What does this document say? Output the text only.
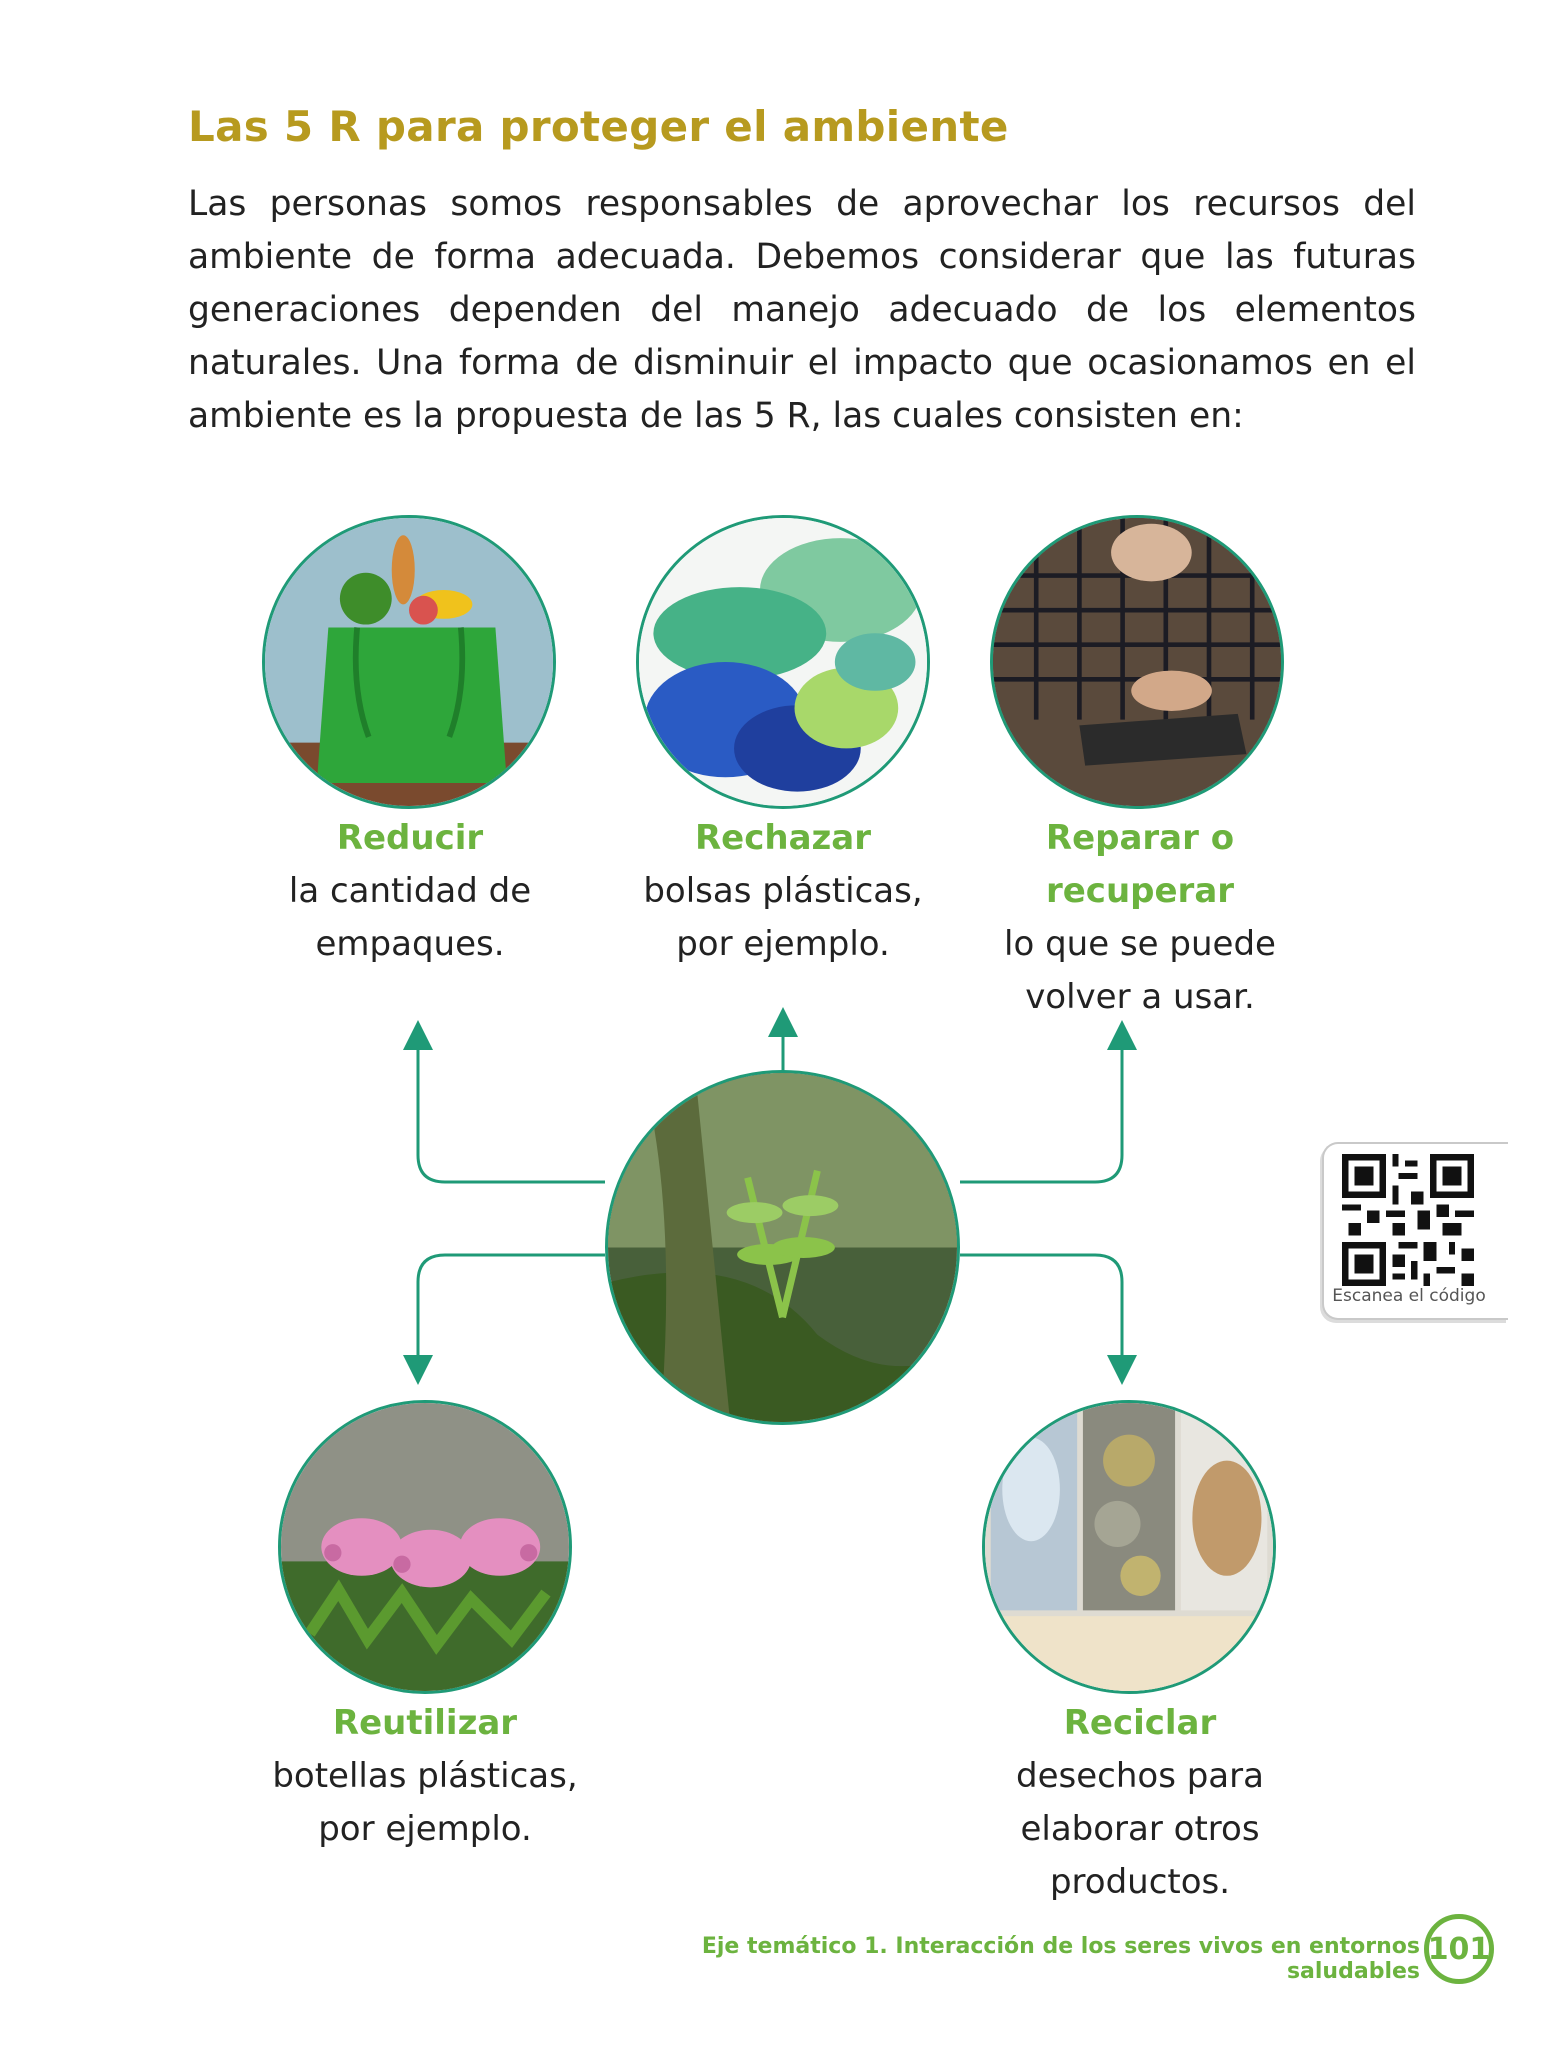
Las 5 R para proteger el ambiente

Las personas somos responsables de aprovechar los recursos del ambiente de forma adecuada. Debemos considerar que las futuras generaciones dependen del manejo adecuado de los elementos naturales. Una forma de disminuir el impacto que ocasionamos en el ambiente es la propuesta de las 5 R, las cuales consisten en:

Reducir
la cantidad de empaques.
Rechazar
bolsas plásticas, por ejemplo.
Reparar o recuperar
lo que se puede volver a usar.
Reutilizar
botellas plásticas, por ejemplo.
Reciclar
desechos para elaborar otros productos.
Escanea el código
Eje temático 1. Interacción de los seres vivos en entornos saludables
101
